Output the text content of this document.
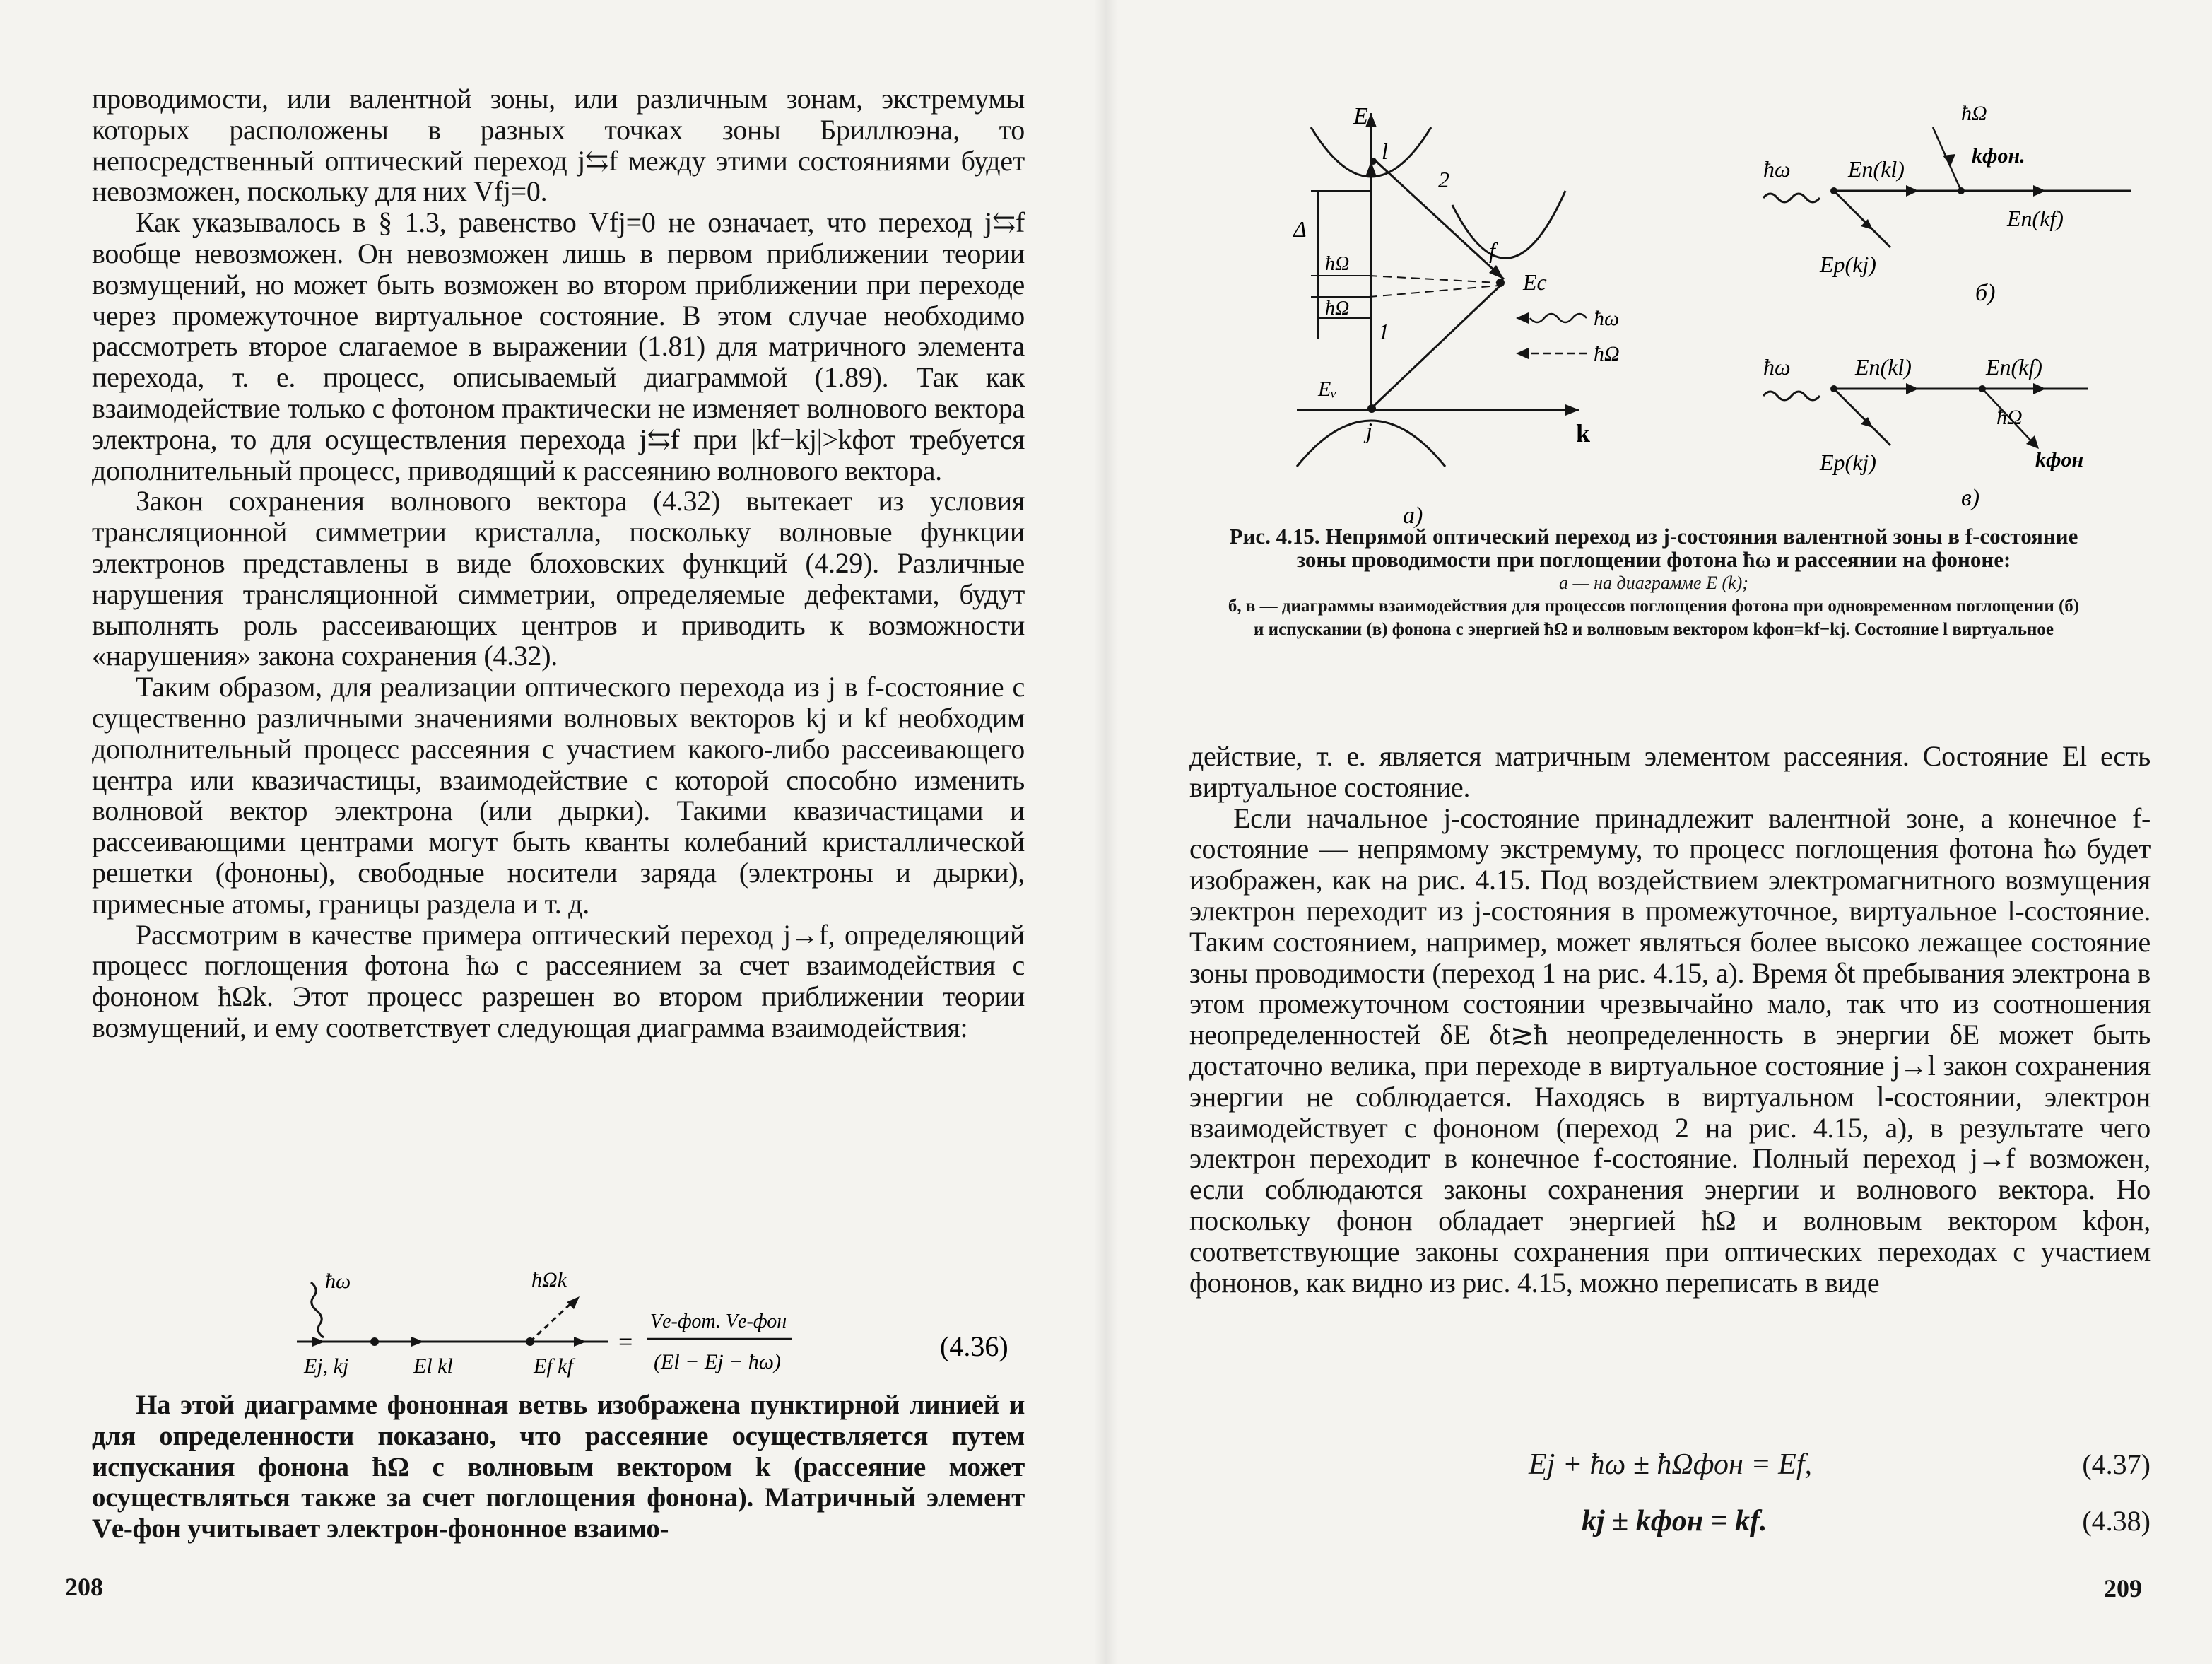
проводимости, или валентной зоны, или различным зонам, экстремумы которых расположены в разных точках зоны Бриллюэна, то непосредственный оптический переход j⇆f между этими состояниями будет невозможен, поскольку для них Vfj=0.

Как указывалось в § 1.3, равенство Vfj=0 не означает, что переход j⇆f вообще невозможен. Он невозможен лишь в первом приближении теории возмущений, но может быть возможен во втором приближении при переходе через промежуточное виртуальное состояние. В этом случае необходимо рассмотреть второе слагаемое в выражении (1.81) для матричного элемента перехода, т. е. процесс, описываемый диаграммой (1.89). Так как взаимодействие только с фотоном практически не изменяет волнового вектора электрона, то для осуществления перехода j⇆f при |kf−kj|>kфот требуется дополнительный процесс, приводящий к рассеянию волнового вектора.

Закон сохранения волнового вектора (4.32) вытекает из условия трансляционной симметрии кристалла, поскольку волновые функции электронов представлены в виде блоховских функций (4.29). Различные нарушения трансляционной симметрии, определяемые дефектами, будут выполнять роль рассеивающих центров и приводить к возможности «нарушения» закона сохранения (4.32).

Таким образом, для реализации оптического перехода из j в f-состояние с существенно различными значениями волновых векторов kj и kf необходим дополнительный процесс рассеяния с участием какого-либо рассеивающего центра или квазичастицы, взаимодействие с которой способно изменить волновой вектор электрона (или дырки). Такими квазичастицами и рассеивающими центрами могут быть кванты колебаний кристаллической решетки (фононы), свободные носители заряда (электроны и дырки), примесные атомы, границы раздела и т. д.

Рассмотрим в качестве примера оптический переход j→f, определяющий процесс поглощения фотона ħω с рассеянием за счет взаимодействия с фононом ħΩk. Этот процесс разрешен во втором приближении теории возмущений, и ему соответствует следующая диаграмма взаимодействия:

ħω	ħΩk
Ej, kj	El kl	Ef kf
=
Vе-фот. Vе-фон
(El − Ej − ħω)	(4.36)

На этой диаграмме фононная ветвь изображена пунктирной линией и для определенности показано, что рассеяние осуществляется путем испускания фонона ħΩ с волновым вектором k (рассеяние может осуществляться также за счет поглощения фонона). Матричный элемент Vе-фон учитывает электрон-фононное взаимо-

208
E
k
l
2
1
f
Ec
j
Eᵥ
Δ
ħΩ
ħΩ	ħω
ħΩ
а)
ħω	En(kl)
ħΩ
kфон.
En(kf)
Ep(kj)
б)
ħω	En(kl)	En(kf)
ħΩ
kфон
Ep(kj)
в)
Рис. 4.15. Непрямой оптический переход из j-состояния валентной зоны в f-состояние зоны проводимости при поглощении фотона ħω и рассеянии на фононе:
а — на диаграмме E (k);
б, в — диаграммы взаимодействия для процессов поглощения фотона при одновременном поглощении (б) и испускании (в) фонона с энергией ħΩ и волновым вектором kфон=kf−kj. Состояние l виртуальное

действие, т. е. является матричным элементом рассеяния. Состояние El есть виртуальное состояние.

Если начальное j-состояние принадлежит валентной зоне, а конечное f-состояние — непрямому экстремуму, то процесс поглощения фотона ħω будет изображен, как на рис. 4.15. Под воздействием электромагнитного возмущения электрон переходит из j-состояния в промежуточное, виртуальное l-состояние. Таким состоянием, например, может являться более высоко лежащее состояние зоны проводимости (переход 1 на рис. 4.15, а). Время δt пребывания электрона в этом промежуточном состоянии чрезвычайно мало, так что из соотношения неопределенностей δE δt≳ħ неопределенность в энергии δE может быть достаточно велика, при переходе в виртуальное состояние j→l закон сохранения энергии не соблюдается. Находясь в виртуальном l-состоянии, электрон взаимодействует с фононом (переход 2 на рис. 4.15, а), в результате чего электрон переходит в конечное f-состояние. Полный переход j→f возможен, если соблюдаются законы сохранения энергии и волнового вектора. Но поскольку фонон обладает энергией ħΩ и волновым вектором kфон, соответствующие законы сохранения при оптических переходах с участием фононов, как видно из рис. 4.15, можно переписать в виде

Ej + ħω ± ħΩфон = Ef,	(4.37)
kj ± kфон = kf.	(4.38)
209
